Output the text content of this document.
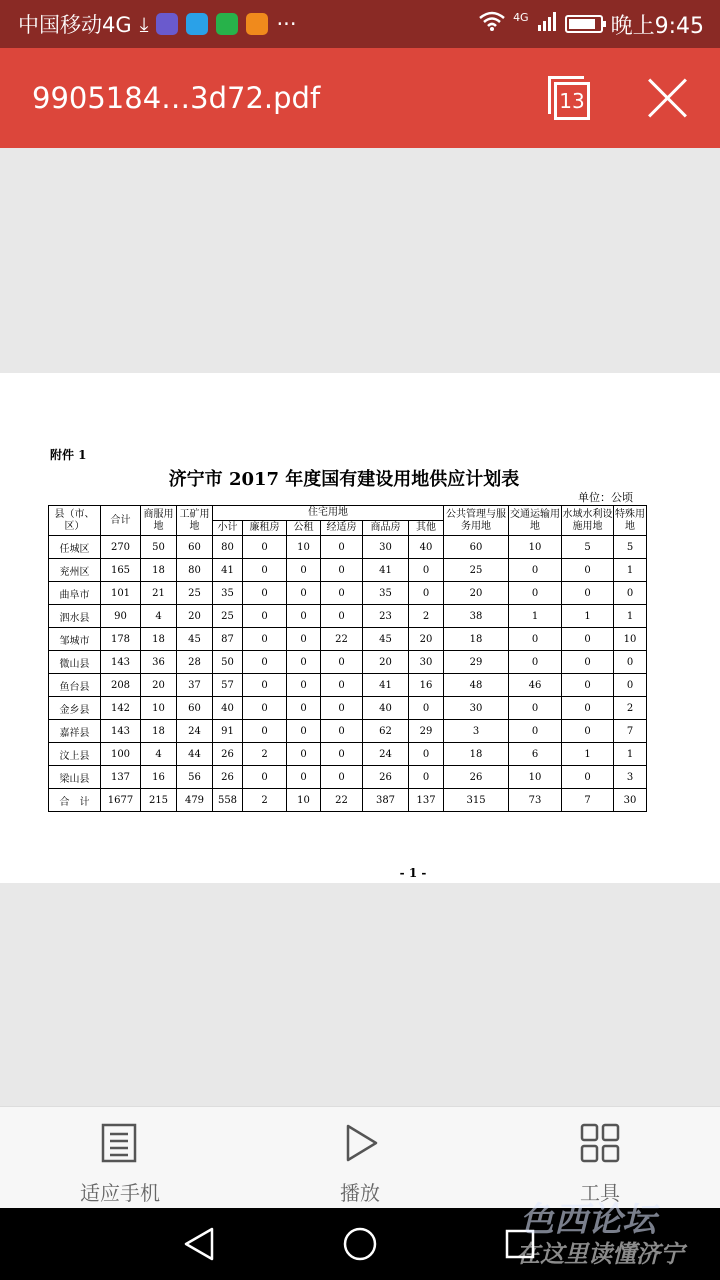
中国移动4G ⤓	···	4G	晚上9:45
9905184…3d72.pdf	13
附件 1
济宁市 2017 年度国有建设用地供应计划表
单位：公顷
县（市、区）	合计	商服用地	工矿用地	住宅用地						公共管理与服务用地	交通运输用地	水域水利设施用地	特殊用地
				小计	廉租房	公租	经适房	商品房	其他				
任城区	270	50	60	80	0	10	0	30	40	60	10	5	5
兖州区	165	18	80	41	0	0	0	41	0	25	0	0	1
曲阜市	101	21	25	35	0	0	0	35	0	20	0	0	0
泗水县	90	4	20	25	0	0	0	23	2	38	1	1	1
邹城市	178	18	45	87	0	0	22	45	20	18	0	0	10
微山县	143	36	28	50	0	0	0	20	30	29	0	0	0
鱼台县	208	20	37	57	0	0	0	41	16	48	46	0	0
金乡县	142	10	60	40	0	0	0	40	0	30	0	0	2
嘉祥县	143	18	24	91	0	0	0	62	29	3	0	0	7
汶上县	100	4	44	26	2	0	0	24	0	18	6	1	1
梁山县	137	16	56	26	0	0	0	26	0	26	10	0	3
合　计	1677	215	479	558	2	10	22	387	137	315	73	7	30
- 1 -
适应手机	播放	工具
色西论坛
在这里读懂济宁
